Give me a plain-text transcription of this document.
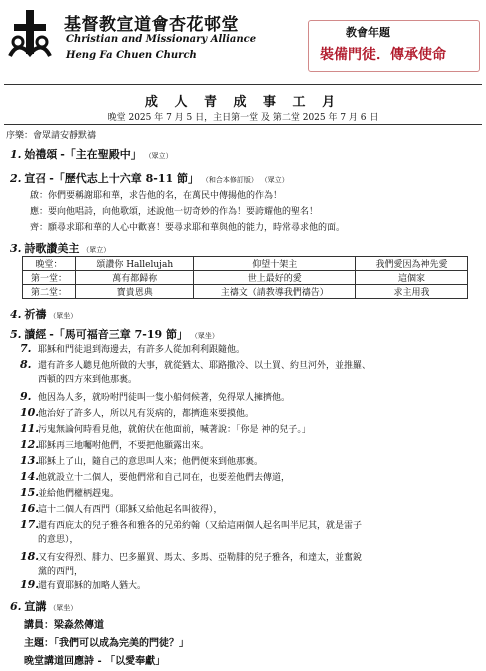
基督教宣道會杏花邨堂
Christian and Missionary Alliance
Heng Fa Chuen Church
教會年題
裝備門徒．傳承使命
成 人 青 成 事 工 月
晚堂 2025 年 7 月 5 日，主日第一堂 及 第二堂 2025 年 7 月 6 日
序樂：會眾請安靜默禱
1. 始禮頌 -「主在聖殿中」 （眾立）
2. 宣召 -「歷代志上十六章 8-11 節」 （和合本修訂版） （眾立）
啟：你們要稱謝耶和華，求告他的名，在萬民中傳揚他的作為！
應：要向他唱詩，向他歌頌，述說他一切奇妙的作為！要誇耀他的聖名！
齊：願尋求耶和華的人心中歡喜！要尋求耶和華與他的能力，時常尋求他的面。
3. 詩歌讚美主 （眾立）
晚堂：	頌讚你 Hallelujah	仰望十架主	我們愛因為神先愛
第一堂：	萬有都歸祢	世上最好的愛	這個家
第二堂：	寶貴恩典	主禱文（請教導我們禱告）	求主用我
4. 祈禱 （眾坐）
5. 讀經 -「馬可福音三章 7-19 節」 （眾坐）
7. 耶穌和門徒退到海邊去，有許多人從加利利跟隨他。
8. 還有許多人聽見他所做的大事，就從猶太、耶路撒冷、以土買、約旦河外，並推羅、
西頓的四方來到他那裏。
9. 他因為人多，就吩咐門徒叫一隻小船伺候著，免得眾人擁擠他。
10.他治好了許多人，所以凡有災病的，都擠進來要摸他。
11.污鬼無論何時看見他，就俯伏在他面前，喊著說：「你是 神的兒子。」
12.耶穌再三地囑咐他們，不要把他顯露出來。
13.耶穌上了山，隨自己的意思叫人來；他們便來到他那裏。
14.他就設立十二個人，要他們常和自己同在，也要差他們去傳道，
15.並給他們權柄趕鬼。
16.這十二個人有西門（耶穌又給他起名叫彼得），
17.還有西庇太的兒子雅各和雅各的兄弟約翰（又給這兩個人起名叫半尼其，就是雷子
的意思），
18.又有安得烈、腓力、巴多羅買、馬太、多馬、亞勒腓的兒子雅各，和達太，並奮銳
黨的西門，
19.還有賣耶穌的加略人猶大。
6. 宣講 （眾坐）
講員：梁淼然傳道
主題：「我們可以成為完美的門徒？」
晚堂講道回應詩 - 「以愛奉獻」
